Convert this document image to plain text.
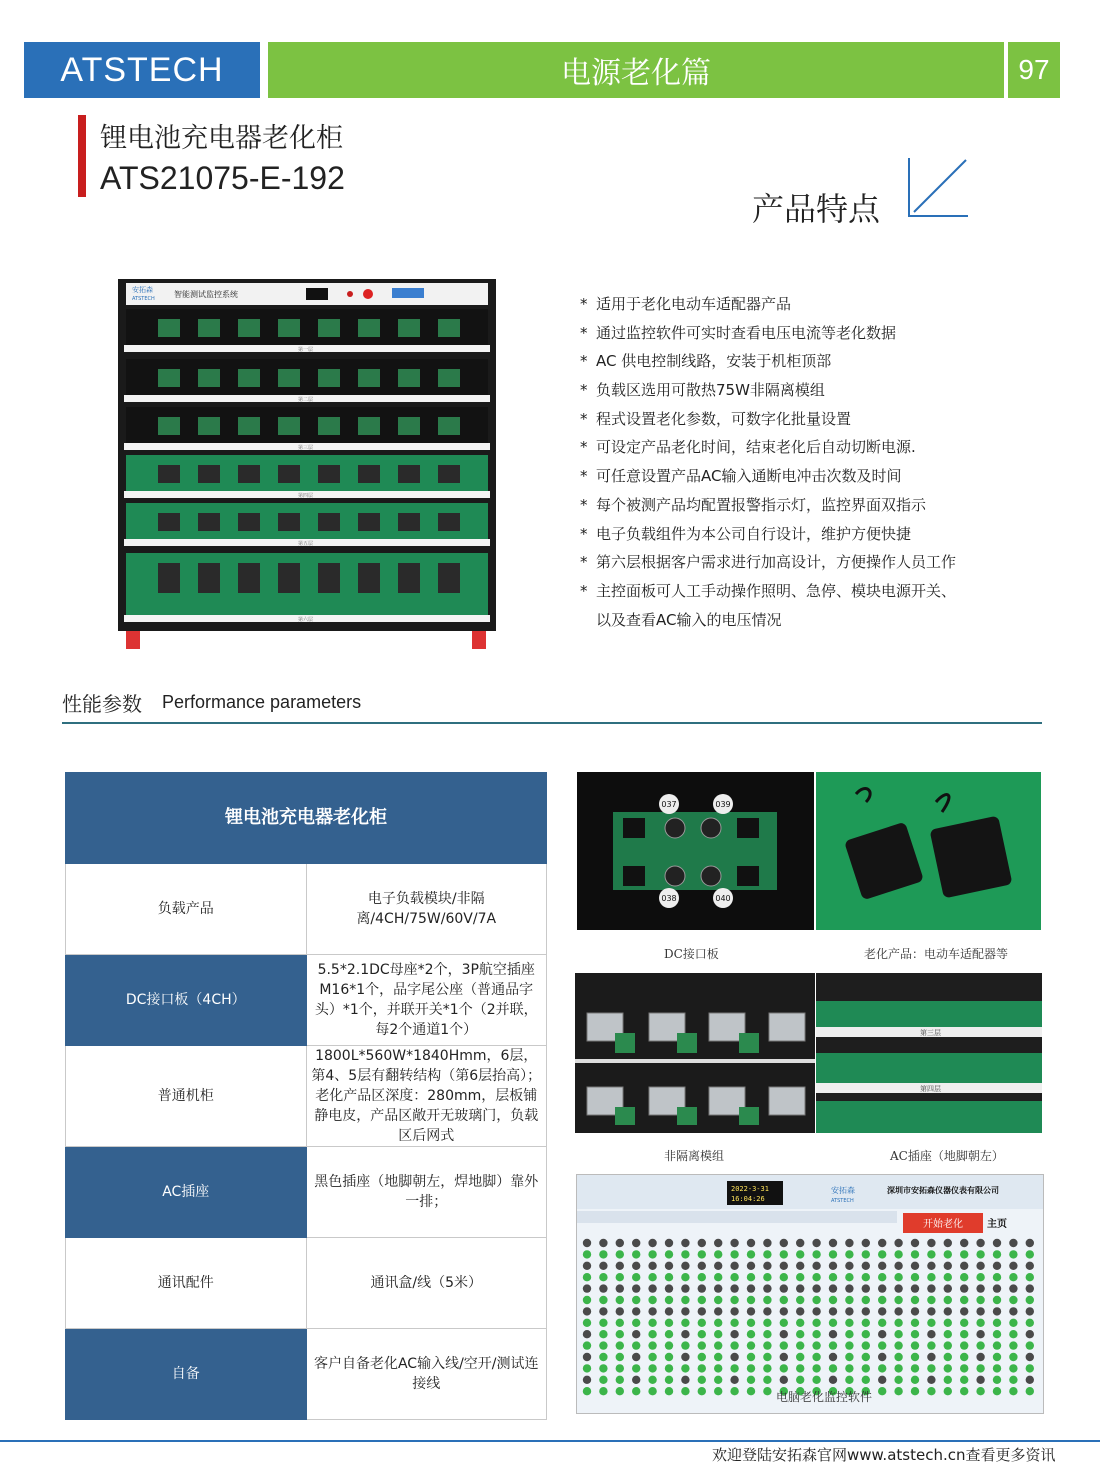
ATSTECH	电源老化篇	97
锂电池充电器老化柜
ATS21075-E-192
产品特点
安拓森
ATSTECH 智能测试监控系统
第一层
第二层
第三层
第四层
第五层
第六层
* 适用于老化电动车适配器产品
* 通过监控软件可实时查看电压电流等老化数据
* AC 供电控制线路，安装于机柜顶部
* 负载区选用可散热75W非隔离模组
* 程式设置老化参数，可数字化批量设置
* 可设定产品老化时间，结束老化后自动切断电源.
* 可任意设置产品AC输入通断电冲击次数及时间
* 每个被测产品均配置报警指示灯，监控界面双指示
* 电子负载组件为本公司自行设计，维护方便快捷
* 第六层根据客户需求进行加高设计，方便操作人员工作
* 主控面板可人工手动操作照明、急停、模块电源开关、
以及查看AC输入的电压情况
性能参数 Performance parameters
锂电池充电器老化柜	
负载产品	电子负载模块/非隔离/4CH/75W/60V/7A
DC接口板（4CH）	5.5*2.1DC母座*2个，3P航空插座M16*1个，品字尾公座（普通品字头）*1个，并联开关*1个（2并联，每2个通道1个）
普通机柜	1800L*560W*1840Hmm，6层，第4、5层有翻转结构（第6层抬高）；老化产品区深度：280mm，层板铺静电皮，产品区敞开无玻璃门，负载区后网式
AC插座	黑色插座（地脚朝左，焊地脚）靠外一排；
通讯配件	通讯盒/线（5米）
自备	客户自备老化AC输入线/空开/测试连接线
037	039
038	040
DC接口板	老化产品：电动车适配器等
非隔离模组
第三层
第四层
AC插座（地脚朝左）
2022-3-31
16:04:26
安拓森
ATSTECH
深圳市安拓森仪器仪表有限公司
开始老化 主页
电脑老化监控软件
欢迎登陆安拓森官网www.atstech.cn查看更多资讯
